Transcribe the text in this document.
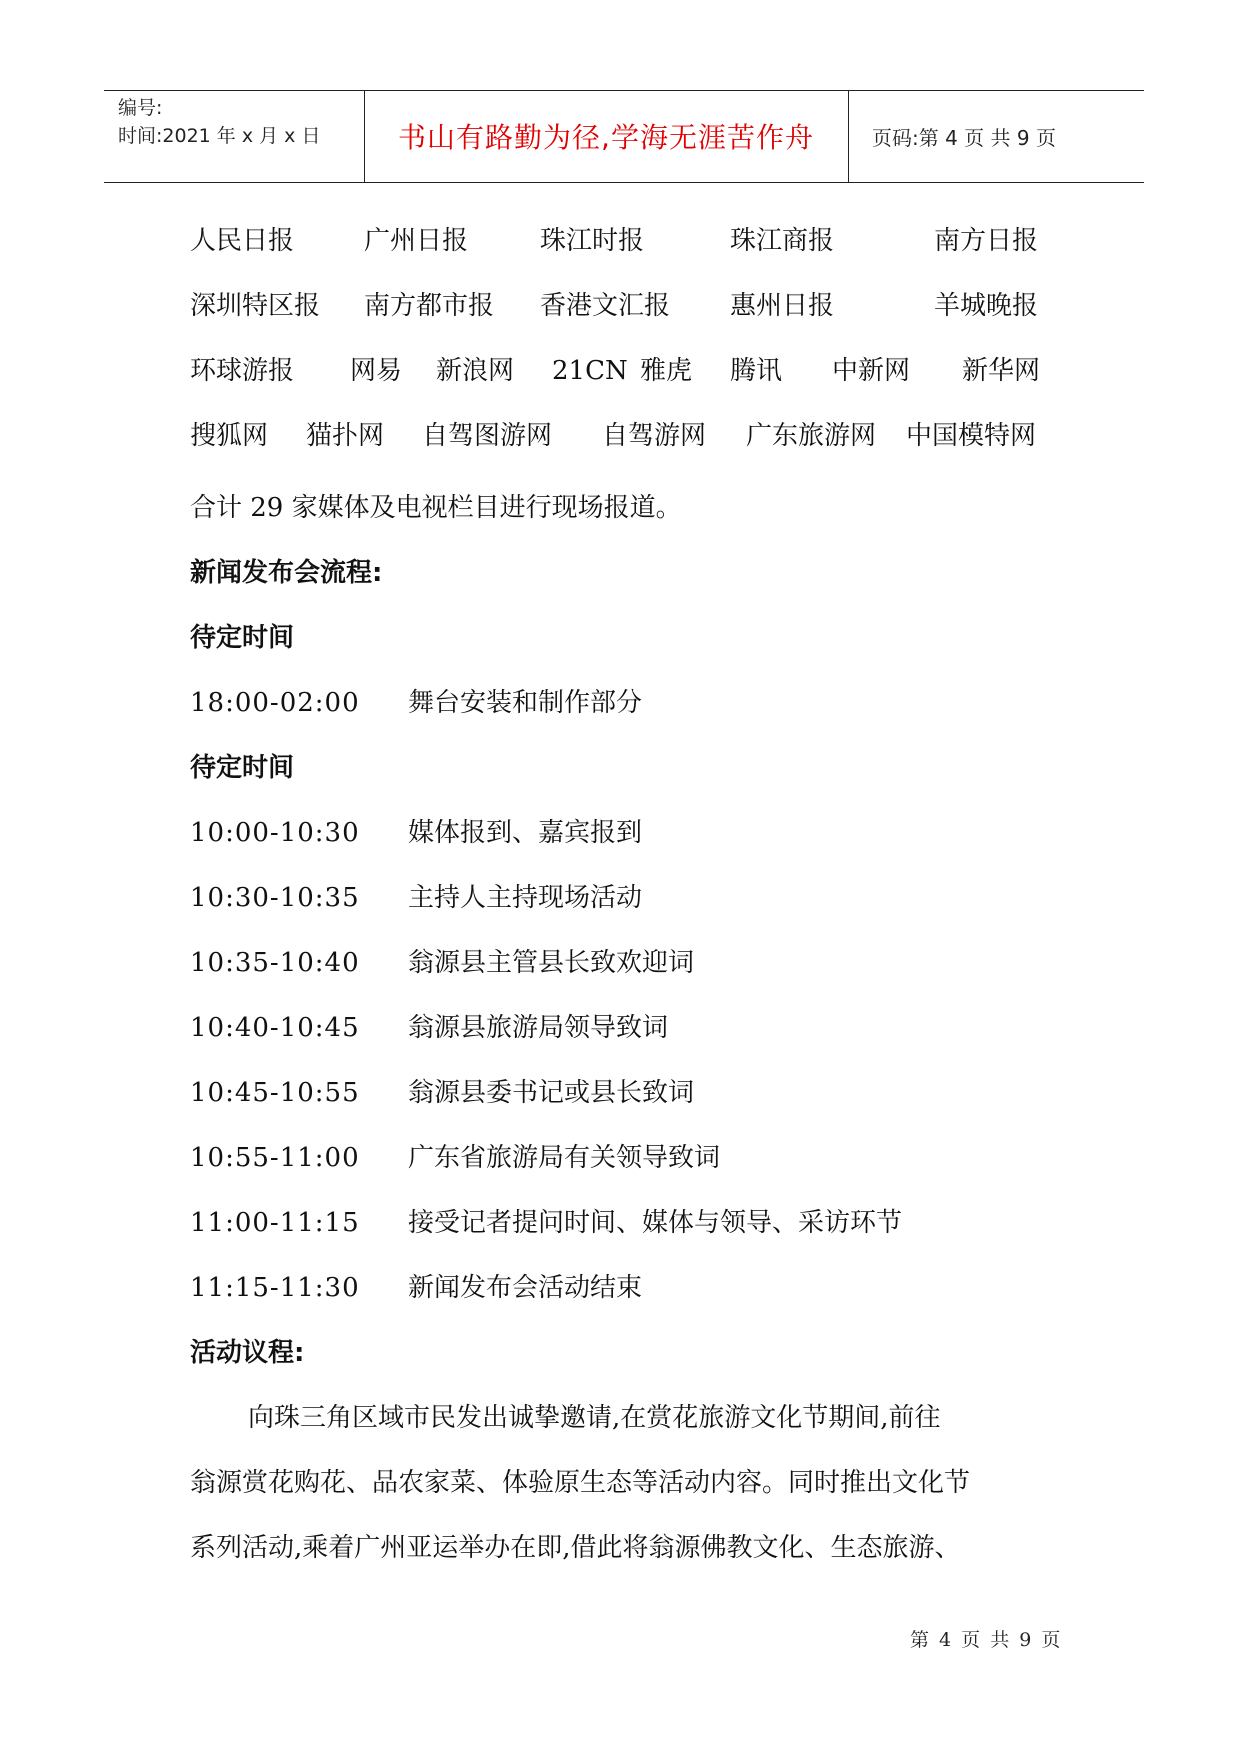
编号:
时间:2021 年 x 月 x 日	书山有路勤为径,学海无涯苦作舟	页码:第 4 页 共 9 页
人民日报	广州日报	珠江时报	珠江商报	南方日报
深圳特区报 南方都市报 香港文汇报 惠州日报	羊城晚报
环球游报 网易 新浪网 21CN 雅虎 腾讯 中新网 新华网
搜狐网 猫扑网 自驾图游网 自驾游网 广东旅游网 中国模特网
合计 29 家媒体及电视栏目进行现场报道。
新闻发布会流程:
待定时间
18:00-02:00	舞台安装和制作部分
待定时间
10:00-10:30	媒体报到、嘉宾报到
10:30-10:35	主持人主持现场活动
10:35-10:40	翁源县主管县长致欢迎词
10:40-10:45	翁源县旅游局领导致词
10:45-10:55	翁源县委书记或县长致词
10:55-11:00	广东省旅游局有关领导致词
11:00-11:15	接受记者提问时间、媒体与领导、采访环节
11:15-11:30	新闻发布会活动结束
活动议程:
向珠三角区域市民发出诚挚邀请,在赏花旅游文化节期间,前往
翁源赏花购花、品农家菜、体验原生态等活动内容。同时推出文化节
系列活动,乘着广州亚运举办在即,借此将翁源佛教文化、生态旅游、
第 4 页 共 9 页
